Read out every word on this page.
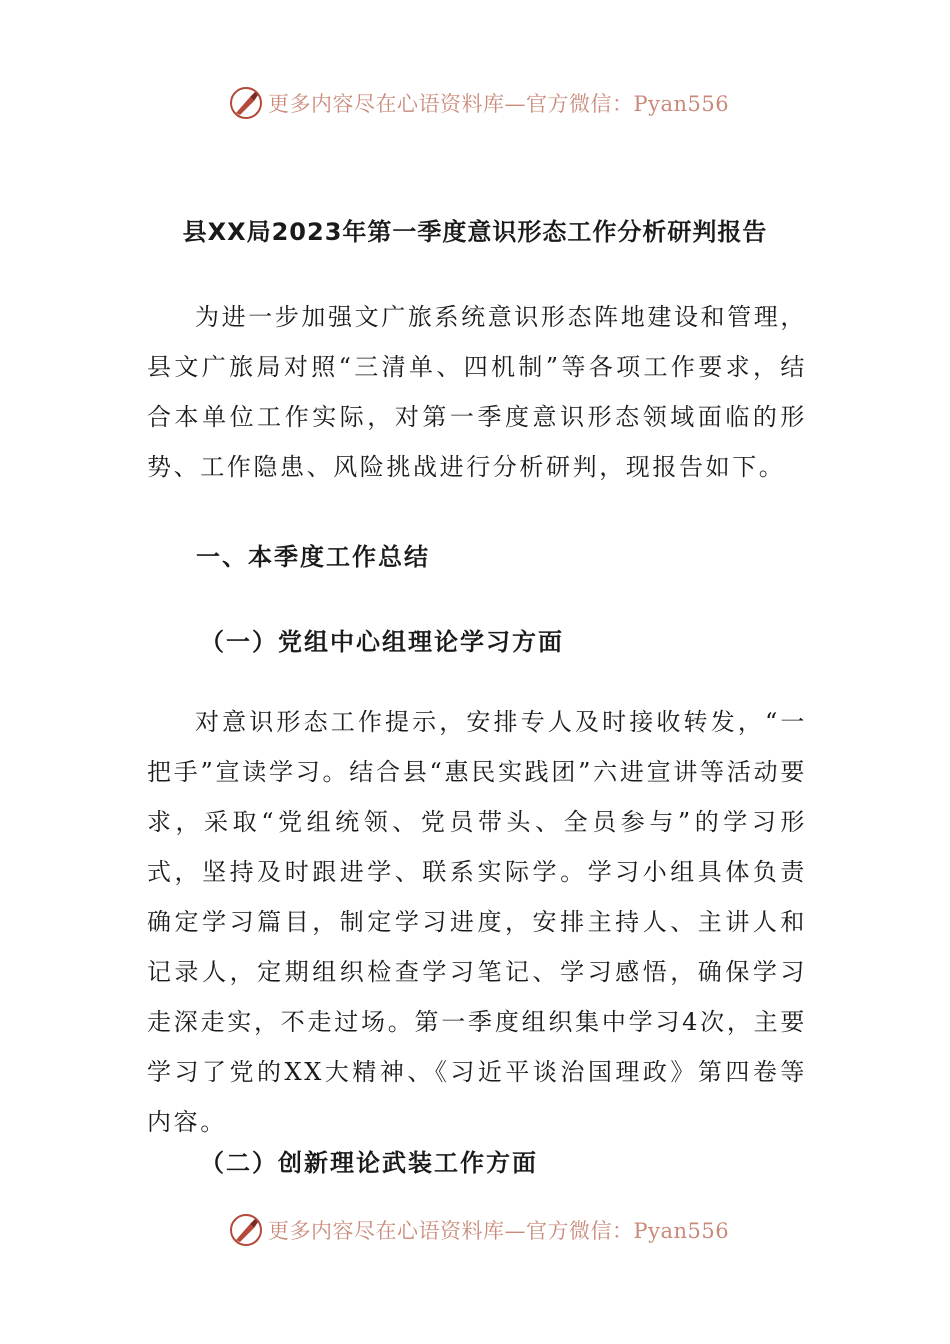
更多内容尽在心语资料库—官方微信：Pyan556
县XX局2023年第一季度意识形态工作分析研判报告
为进一步加强文广旅系统意识形态阵地建设和管理，县文广旅局对照“三清单、四机制”等各项工作要求，结合本单位工作实际，对第一季度意识形态领域面临的形势、工作隐患、风险挑战进行分析研判，现报告如下。
一、本季度工作总结
（一）党组中心组理论学习方面
对意识形态工作提示，安排专人及时接收转发，“一把手”宣读学习。结合县“惠民实践团”六进宣讲等活动要求，采取“党组统领、党员带头、全员参与”的学习形式，坚持及时跟进学、联系实际学。学习小组具体负责确定学习篇目，制定学习进度，安排主持人、主讲人和记录人，定期组织检查学习笔记、学习感悟，确保学习走深走实，不走过场。第一季度组织集中学习4次，主要学习了党的XX大精神、《习近平谈治国理政》第四卷等内容。
（二）创新理论武装工作方面
更多内容尽在心语资料库—官方微信：Pyan556
